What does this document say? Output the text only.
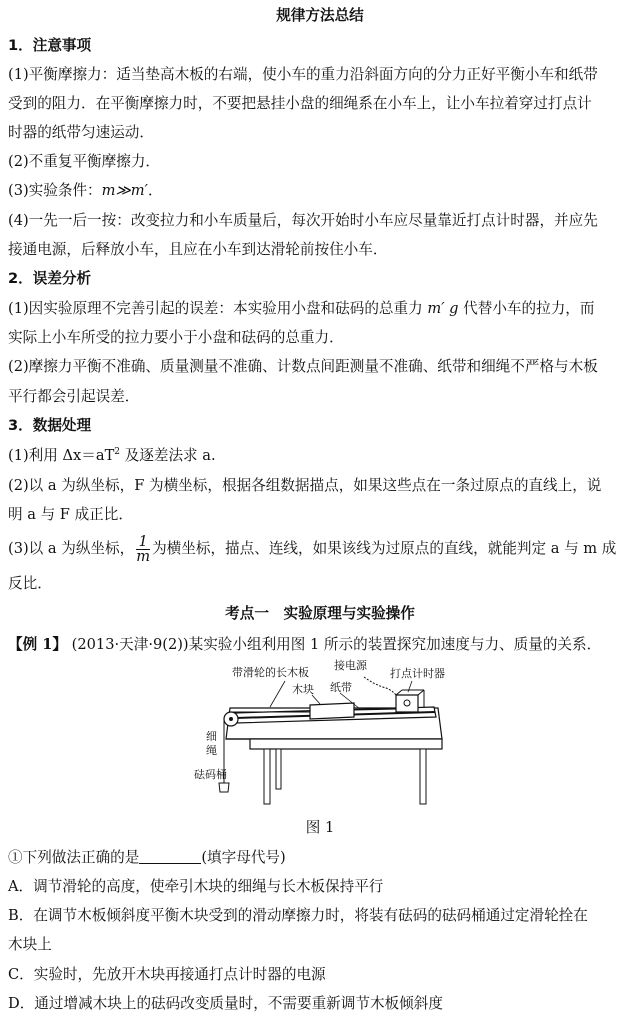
规律方法总结
1．注意事项
(1)平衡摩擦力：适当垫高木板的右端，使小车的重力沿斜面方向的分力正好平衡小车和纸带
受到的阻力．在平衡摩擦力时，不要把悬挂小盘的细绳系在小车上，让小车拉着穿过打点计
时器的纸带匀速运动．
(2)不重复平衡摩擦力．
(3)实验条件：m≫m′．
(4)一先一后一按：改变拉力和小车质量后，每次开始时小车应尽量靠近打点计时器，并应先
接通电源，后释放小车，且应在小车到达滑轮前按住小车．
2．误差分析
(1)因实验原理不完善引起的误差：本实验用小盘和砝码的总重力 m′ g 代替小车的拉力，而
实际上小车所受的拉力要小于小盘和砝码的总重力．
(2)摩擦力平衡不准确、质量测量不准确、计数点间距测量不准确、纸带和细绳不严格与木板
平行都会引起误差．
3．数据处理
(1)利用 $\Delta x=aT^2$ 及逐差法求 a.
(2)以 a 为纵坐标，F 为横坐标，根据各组数据描点，如果这些点在一条过原点的直线上，说
明 a 与 F 成正比．
(3)以 a 为纵坐标， $\frac{1}{m}$ 为横坐标，描点、连线，如果该线为过原点的直线，就能判定 a 与 m 成
反比．
考点一　实验原理与实验操作
【例 1】 (2013·天津·9(2))某实验小组利用图 1 所示的装置探究加速度与力、质量的关系．
带滑轮的长木板
接电源
打点计时器
木块 纸带
细
绳
砝码桶
图 1
①下列做法正确的是	(填字母代号)
A．调节滑轮的高度，使牵引木块的细绳与长木板保持平行
B．在调节木板倾斜度平衡木块受到的滑动摩擦力时，将装有砝码的砝码桶通过定滑轮拴在
木块上
C．实验时，先放开木块再接通打点计时器的电源
D．通过增减木块上的砝码改变质量时，不需要重新调节木板倾斜度
